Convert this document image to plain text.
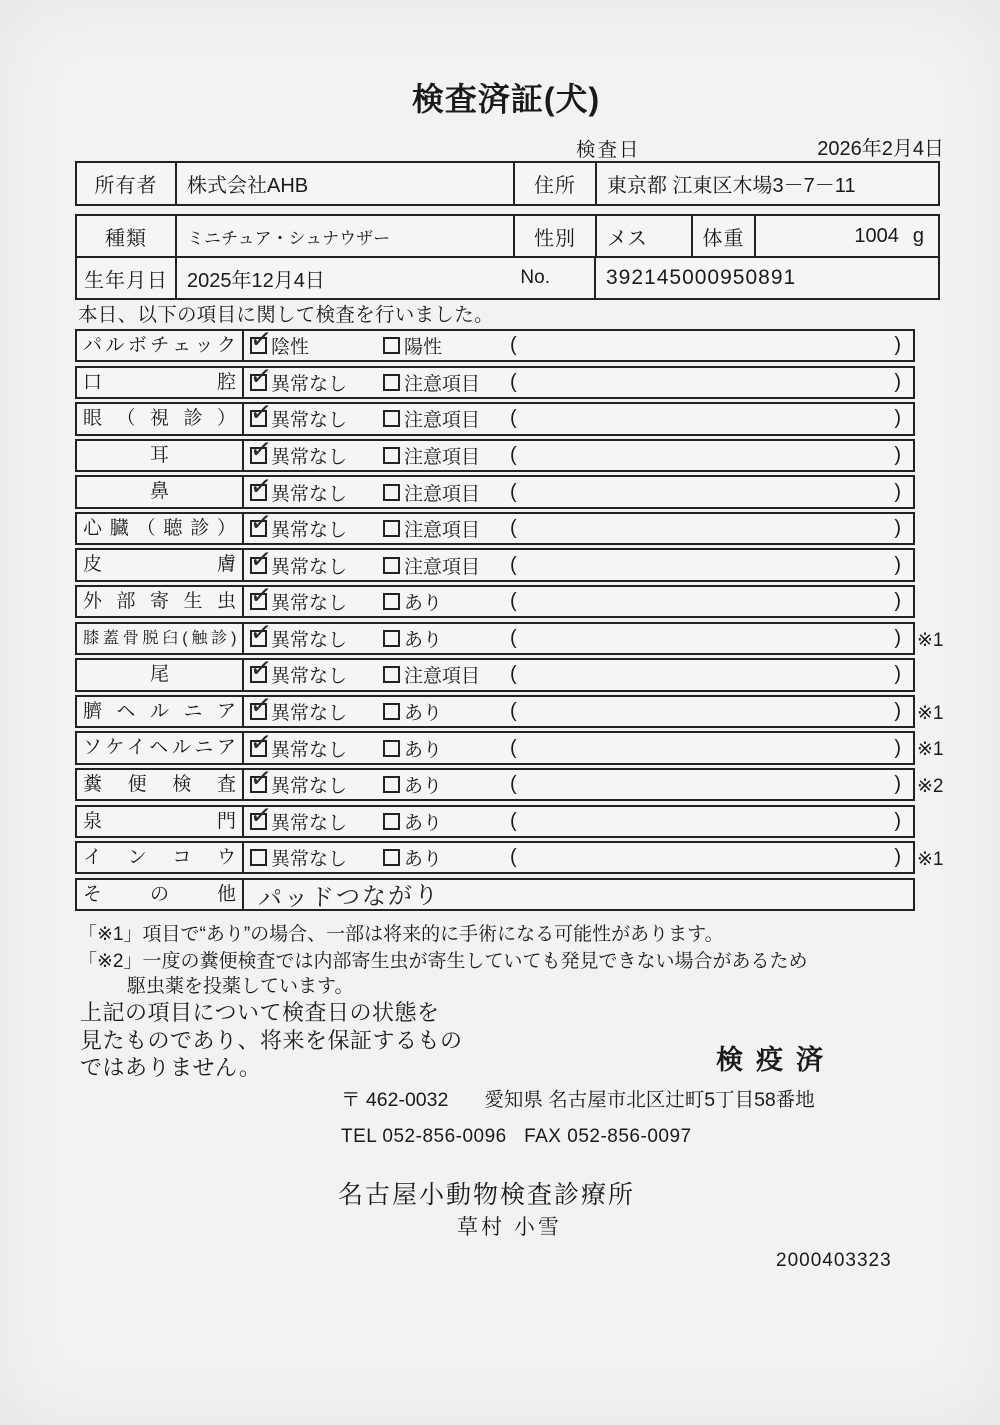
検査済証(犬)
検査日	2026年2月4日
所有者	株式会社AHB	住所	東京都 江東区木場3－7－11
種類	ミニチュア・シュナウザー	性別	メス	体重	1004 g
生年月日 2025年12月4日	No.	392145000950891
本日、以下の項目に関して検査を行いました。
パルボチェック ✓	陰性	陽性	(	)
口腔 ✓	異常なし	注意項目 (	)
眼（視診） ✓	異常なし	注意項目 (	)
耳 ✓	異常なし	注意項目 (	)
鼻 ✓	異常なし	注意項目 (	)
心臓（聴診） ✓	異常なし	注意項目 (	)
皮膚 ✓	異常なし	注意項目 (	)
外部寄生虫 ✓	異常なし	あり	(	)
膝蓋骨脱臼(触診) ✓	異常なし	あり	(	) ※1
尾 ✓	異常なし	注意項目 (	)
臍ヘルニア ✓	異常なし	あり	(	) ※1
ソケイヘルニア ✓	異常なし	あり	(	) ※1
糞便検査 ✓	異常なし	あり	(	) ※2
泉門 ✓	異常なし	あり	(	)
インコウ	異常なし	あり	(	) ※1
その他 パッドつながり
「※1」項目で“あり”の場合、一部は将来的に手術になる可能性があります。
「※2」一度の糞便検査では内部寄生虫が寄生していても発見できない場合があるため
駆虫薬を投薬しています。
上記の項目について検査日の状態を
見たものであり、将来を保証するもの
ではありません。	検疫済
〒 462-0032 愛知県 名古屋市北区辻町5丁目58番地
TEL 052-856-0096   FAX 052-856-0097
名古屋小動物検査診療所
草村 小雪
2000403323
